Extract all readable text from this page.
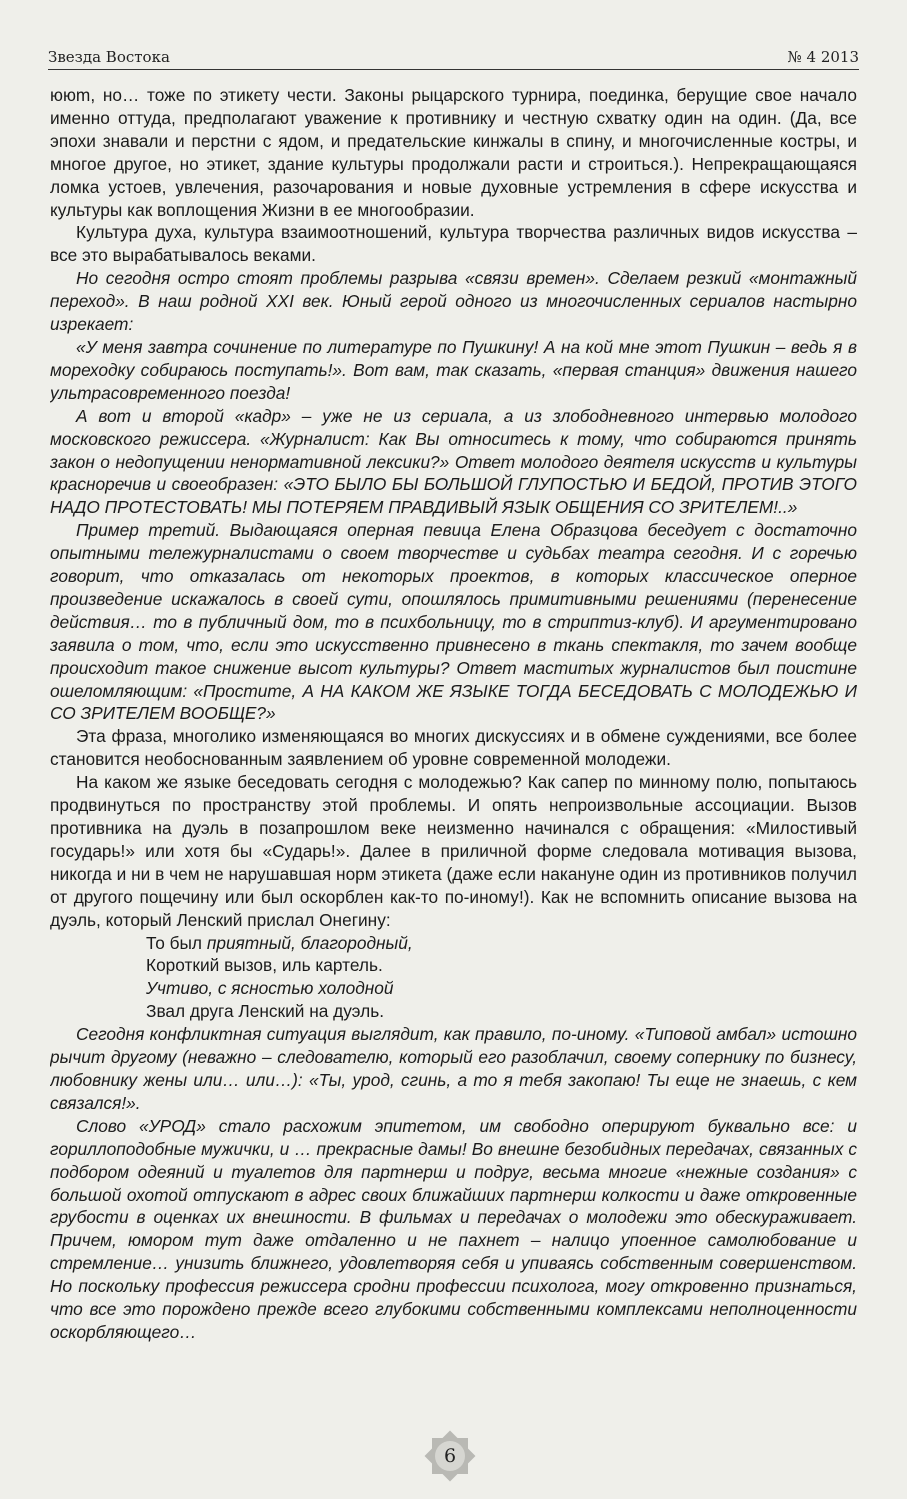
Звезда Востока	№ 4 2013

ююm, но… тоже по этикету чести. Законы рыцарского турнира, поединка, берущие свое начало именно оттуда, предполагают уважение к противнику и честную схватку один на один. (Да, все эпохи знавали и перстни с ядом, и предательские кинжалы в спину, и многочисленные костры, и многое другое, но этикет, здание культуры продолжали расти и строиться.). Непрекращающаяся ломка устоев, увлечения, разочарования и новые духовные устремления в сфере искусства и культуры как воплощения Жизни в ее многообразии.

Культура духа, культура взаимоотношений, культура творчества различных видов искусства – все это вырабатывалось веками.

Но сегодня остро стоят проблемы разрыва «связи времен». Сделаем резкий «монтажный переход». В наш родной XXI век. Юный герой одного из многочисленных сериалов настырно изрекает:

«У меня завтра сочинение по литературе по Пушкину! А на кой мне этот Пушкин – ведь я в мореходку собираюсь поступать!». Вот вам, так сказать, «первая станция» движения нашего ультрасовременного поезда!

А вот и второй «кадр» – уже не из сериала, а из злободневного интервью молодого московского режиссера. «Журналист: Как Вы относитесь к тому, что собираются принять закон о недопущении ненормативной лексики?» Ответ молодого деятеля искусств и культуры красноречив и своеобразен: «ЭТО БЫЛО БЫ БОЛЬШОЙ ГЛУПОСТЬЮ И БЕДОЙ, ПРОТИВ ЭТОГО НАДО ПРОТЕСТОВАТЬ! МЫ ПОТЕРЯЕМ ПРАВДИВЫЙ ЯЗЫК ОБЩЕНИЯ СО ЗРИТЕЛЕМ!..»

Пример третий. Выдающаяся оперная певица Елена Образцова беседует с достаточно опытными тележурналистами о своем творчестве и судьбах театра сегодня. И с горечью говорит, что отказалась от некоторых проектов, в которых классическое оперное произведение искажалось в своей сути, опошлялось примитивными решениями (перенесение действия… то в публичный дом, то в психбольницу, то в стриптиз-клуб). И аргументировано заявила о том, что, если это искусственно привнесено в ткань спектакля, то зачем вообще происходит такое снижение высот культуры? Ответ маститых журналистов был поистине ошеломляющим: «Простите, А НА КАКОМ ЖЕ ЯЗЫКЕ ТОГДА БЕСЕДОВАТЬ С МОЛОДЕЖЬЮ И СО ЗРИТЕЛЕМ ВООБЩЕ?»

Эта фраза, многолико изменяющаяся во многих дискуссиях и в обмене суждениями, все более становится необоснованным заявлением об уровне современной молодежи.

На каком же языке беседовать сегодня с молодежью? Как сапер по минному полю, попытаюсь продвинуться по пространству этой проблемы. И опять непроизвольные ассоциации. Вызов противника на дуэль в позапрошлом веке неизменно начинался с обращения: «Милостивый государь!» или хотя бы «Сударь!». Далее в приличной форме следовала мотивация вызова, никогда и ни в чем не нарушавшая норм этикета (даже если накануне один из противников получил от другого пощечину или был оскорблен как-то по-иному!). Как не вспомнить описание вызова на дуэль, который Ленский прислал Онегину:

То был приятный, благородный,

Короткий вызов, иль картель.

Учтиво, с ясностью холодной

Звал друга Ленский на дуэль.

Сегодня конфликтная ситуация выглядит, как правило, по-иному. «Типовой амбал» истошно рычит другому (неважно – следователю, который его разоблачил, своему сопернику по бизнесу, любовнику жены или… или…): «Ты, урод, сгинь, а то я тебя закопаю! Ты еще не знаешь, с кем связался!».

Слово «УРОД» стало расхожим эпитетом, им свободно оперируют буквально все: и гориллоподобные мужички, и … прекрасные дамы! Во внешне безобидных передачах, связанных с подбором одеяний и туалетов для партнерш и подруг, весьма многие «нежные создания» с большой охотой отпускают в адрес своих ближайших партнерш колкости и даже откровенные грубости в оценках их внешности. В фильмах и передачах о молодежи это обескураживает. Причем, юмором тут даже отдаленно и не пахнет – налицо упоенное самолюбование и стремление… унизить ближнего, удовлетворяя себя и упиваясь собственным совершенством. Но поскольку профессия режиссера сродни профессии психолога, могу откровенно признаться, что все это порождено прежде всего глубокими собственными комплексами неполноценности оскорбляющего…

6
